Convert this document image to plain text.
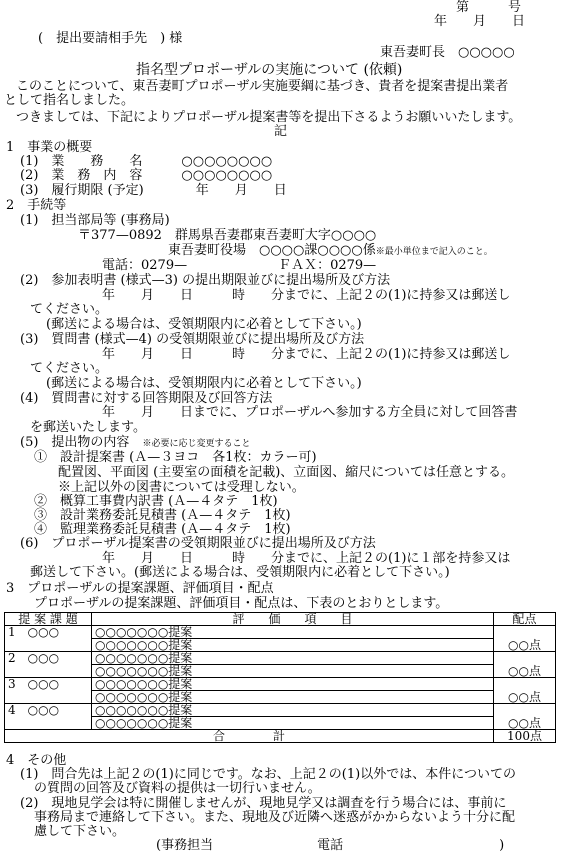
第　　　号
年　　月　　日
(　提出要請相手先　) 様
東吾妻町長　○○○○○
指名型プロポーザルの実施について (依頼)
このことについて、東吾妻町プロポーザル実施要綱に基づき、貴者を提案書提出業者
として指名しました。
つきましては、下記によりプロポーザル提案書等を提出下さるようお願いいたします。
記
1　事業の概要
(1)　業　　務　　名　　　○○○○○○○○
(2)　業　務　内　容　　　○○○○○○○○
(3)　履行期限 (予定)　　　　年　　月　　日
2　手続等
(1)　担当部局等 (事務局)
〒377—0892　群馬県吾妻郡東吾妻町大字○○○○
東吾妻町役場　○○○○課○○○○係※最小単位まで記入のこと。
電話：0279—　　　　　　　ＦＡＸ：0279—
(2)　参加表明書 (様式—3) の提出期限並びに提出場所及び方法
年　　月　　日　　　時　　分までに、上記２の(1)に持参又は郵送し
てください。
(郵送による場合は、受領期限内に必着として下さい。)
(3)　質問書 (様式—4) の受領期限並びに提出場所及び方法
年　　月　　日　　　時　　分までに、上記２の(1)に持参又は郵送し
てください。
(郵送による場合は、受領期限内に必着として下さい。)
(4)　質問書に対する回答期限及び回答方法
年　　月　　日までに、プロポーザルへ参加する方全員に対して回答書
を郵送いたします。
(5)　提出物の内容　 ※必要に応じ変更すること
①　設計提案書 (Ａ—３ヨコ　各1枚：カラー可)
配置図、平面図 (主要室の面積を記載)、立面図、縮尺については任意とする。
※上記以外の図書については受理しない。
②　概算工事費内訳書 (Ａ—４タテ　1枚)
③　設計業務委託見積書 (Ａ—４タテ　1枚)
④　監理業務委託見積書 (Ａ—４タテ　1枚)
(6)　プロポーザル提案書の受領期限並びに提出場所及び方法
年　　月　　日　　　時　　分までに、上記２の(1)に１部を持参又は
郵送して下さい。(郵送による場合は、受領期限内に必着として下さい。)
3　プロポーザルの提案課題、評価項目・配点
プロポーザルの提案課題、評価項目・配点は、下表のとおりとします。
提 案 課 題	評　　価　　項　　目	配点
1　○○○	○○○○○○○提案	○○点
	○○○○○○○提案	
2　○○○	○○○○○○○提案	○○点
	○○○○○○○提案	
3　○○○	○○○○○○○提案	○○点
	○○○○○○○提案	
4　○○○	○○○○○○○提案	○○点
	○○○○○○○提案	
合　　　　計		100点
4　その他
(1)　問合先は上記２の(1)に同じです。なお、上記２の(1)以外では、本件についての
の質問の回答及び資料の提供は一切行いません。
(2)　現地見学会は特に開催しませんが、現地見学又は調査を行う場合には、事前に
事務局まで連絡して下さい。また、現地及び近隣へ迷惑がかからないよう十分に配
慮して下さい。
(事務担当　　　　　　　　電話　　　　　　　　　　　　)
